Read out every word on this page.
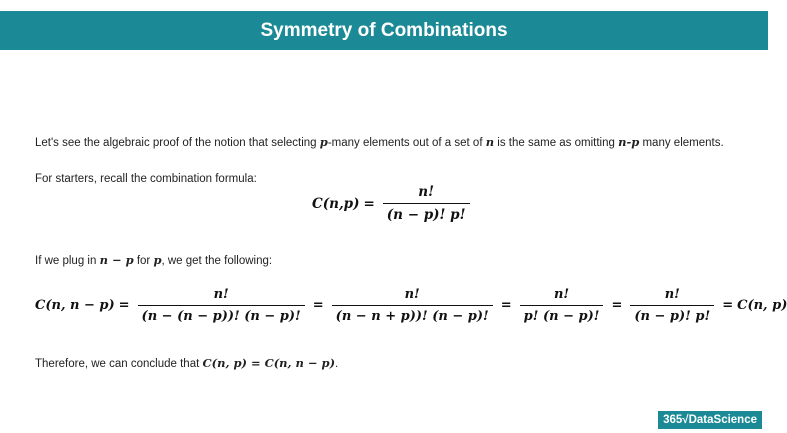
Symmetry of Combinations
Let's see the algebraic proof of the notion that selecting p-many elements out of a set of n is the same as omitting n-p many elements.
For starters, recall the combination formula:
$C(n,p) = \frac{n!}{(n - p)! p!}$
If we plug in n − p for p, we get the following:
C(n, $n - p) = \frac{n!}{(n - (n - p))! (n - p)!} = \frac{n!}{(n - n + p))! (n - p)!} = \frac{n!}{p! (n - p)!} = \frac{n!}{(n - p)! p!} = C(n$, p)
Therefore, we can conclude that C(n, p) = C(n, n − p).
365√DataScience
